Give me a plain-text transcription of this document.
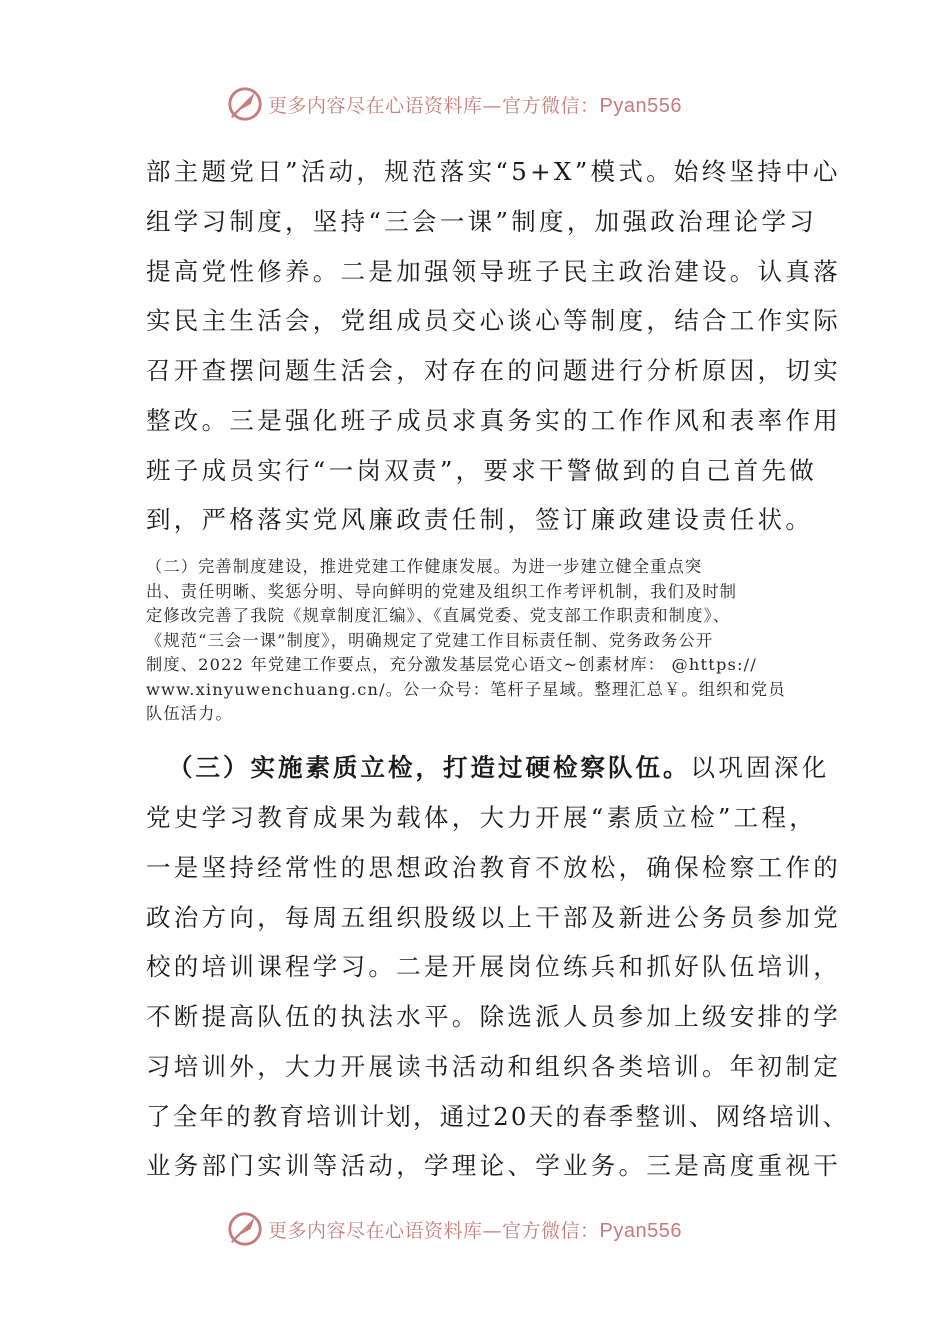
更多内容尽在心语资料库—官方微信：Pyan556
部主题党日”活动，规范落实“5+X”模式。始终坚持中心
组学习制度，坚持“三会一课”制度，加强政治理论学习
提高党性修养。二是加强领导班子民主政治建设。认真落
实民主生活会，党组成员交心谈心等制度，结合工作实际
召开查摆问题生活会，对存在的问题进行分析原因，切实
整改。三是强化班子成员求真务实的工作作风和表率作用
班子成员实行“一岗双责”，要求干警做到的自己首先做
到，严格落实党风廉政责任制，签订廉政建设责任状。
（二）完善制度建设，推进党建工作健康发展。为进一步建立健全重点突
出、责任明晰、奖惩分明、导向鲜明的党建及组织工作考评机制，我们及时制
定修改完善了我院《规章制度汇编》、《直属党委、党支部工作职责和制度》、
《规范“三会一课”制度》，明确规定了党建工作目标责任制、党务政务公开
制度、2022 年党建工作要点，充分激发基层党心语文~创素材库： @https://
www.xinyuwenchuang.cn/。公一众号：笔杆子星域。整理汇总￥。组织和党员
队伍活力。
（三）实施素质立检，打造过硬检察队伍。以巩固深化
党史学习教育成果为载体，大力开展“素质立检”工程，
一是坚持经常性的思想政治教育不放松，确保检察工作的
政治方向，每周五组织股级以上干部及新进公务员参加党
校的培训课程学习。二是开展岗位练兵和抓好队伍培训，
不断提高队伍的执法水平。除选派人员参加上级安排的学
习培训外，大力开展读书活动和组织各类培训。年初制定
了全年的教育培训计划，通过20天的春季整训、网络培训、
业务部门实训等活动，学理论、学业务。三是高度重视干
更多内容尽在心语资料库—官方微信：Pyan556
